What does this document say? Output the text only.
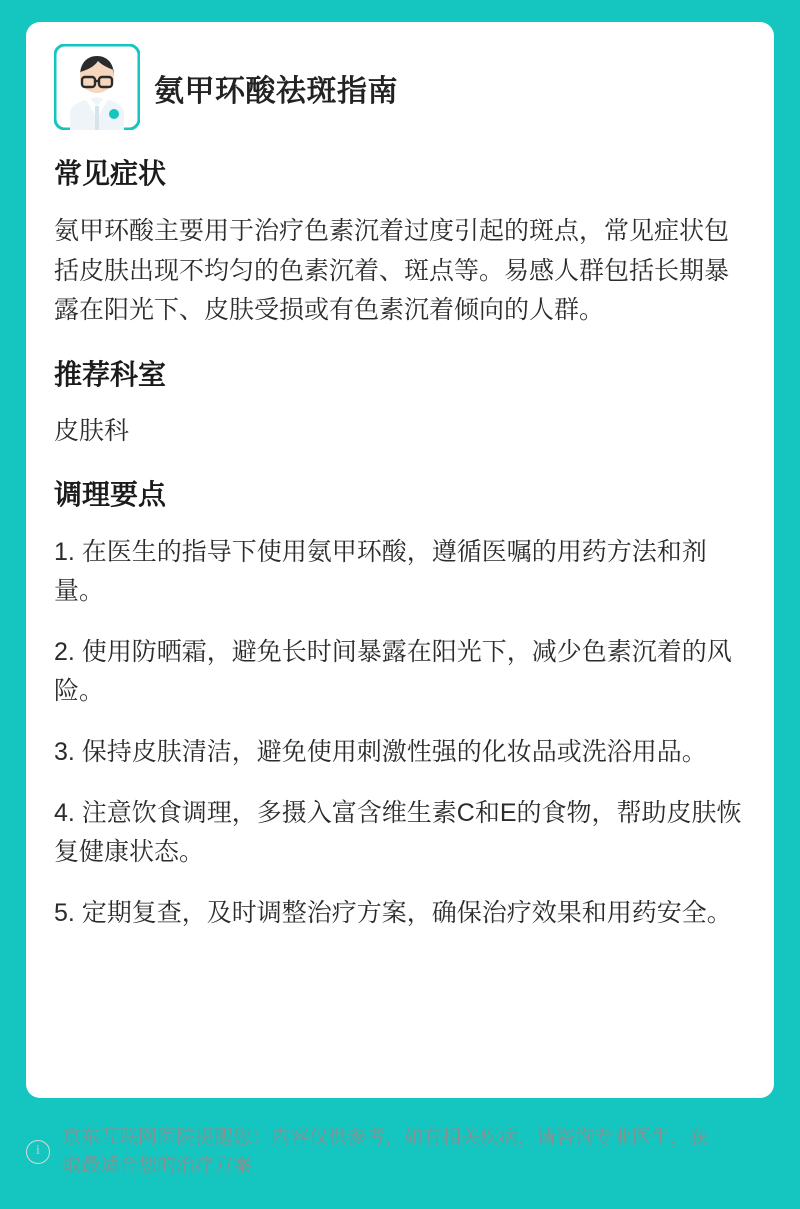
氨甲环酸祛斑指南
常见症状

氨甲环酸主要用于治疗色素沉着过度引起的斑点，常见症状包括皮肤出现不均匀的色素沉着、斑点等。易感人群包括长期暴露在阳光下、皮肤受损或有色素沉着倾向的人群。

推荐科室

皮肤科

调理要点

1. 在医生的指导下使用氨甲环酸，遵循医嘱的用药方法和剂量。

2. 使用防晒霜，避免长时间暴露在阳光下，减少色素沉着的风险。

3. 保持皮肤清洁，避免使用刺激性强的化妆品或洗浴用品。

4. 注意饮食调理，多摄入富含维生素C和E的食物，帮助皮肤恢复健康状态。

5. 定期复查，及时调整治疗方案，确保治疗效果和用药安全。

i
京东互联网医院提醒您：内容仅供参考，如有相关疾病，请咨询专业医生，获取最适合您的治疗方案
